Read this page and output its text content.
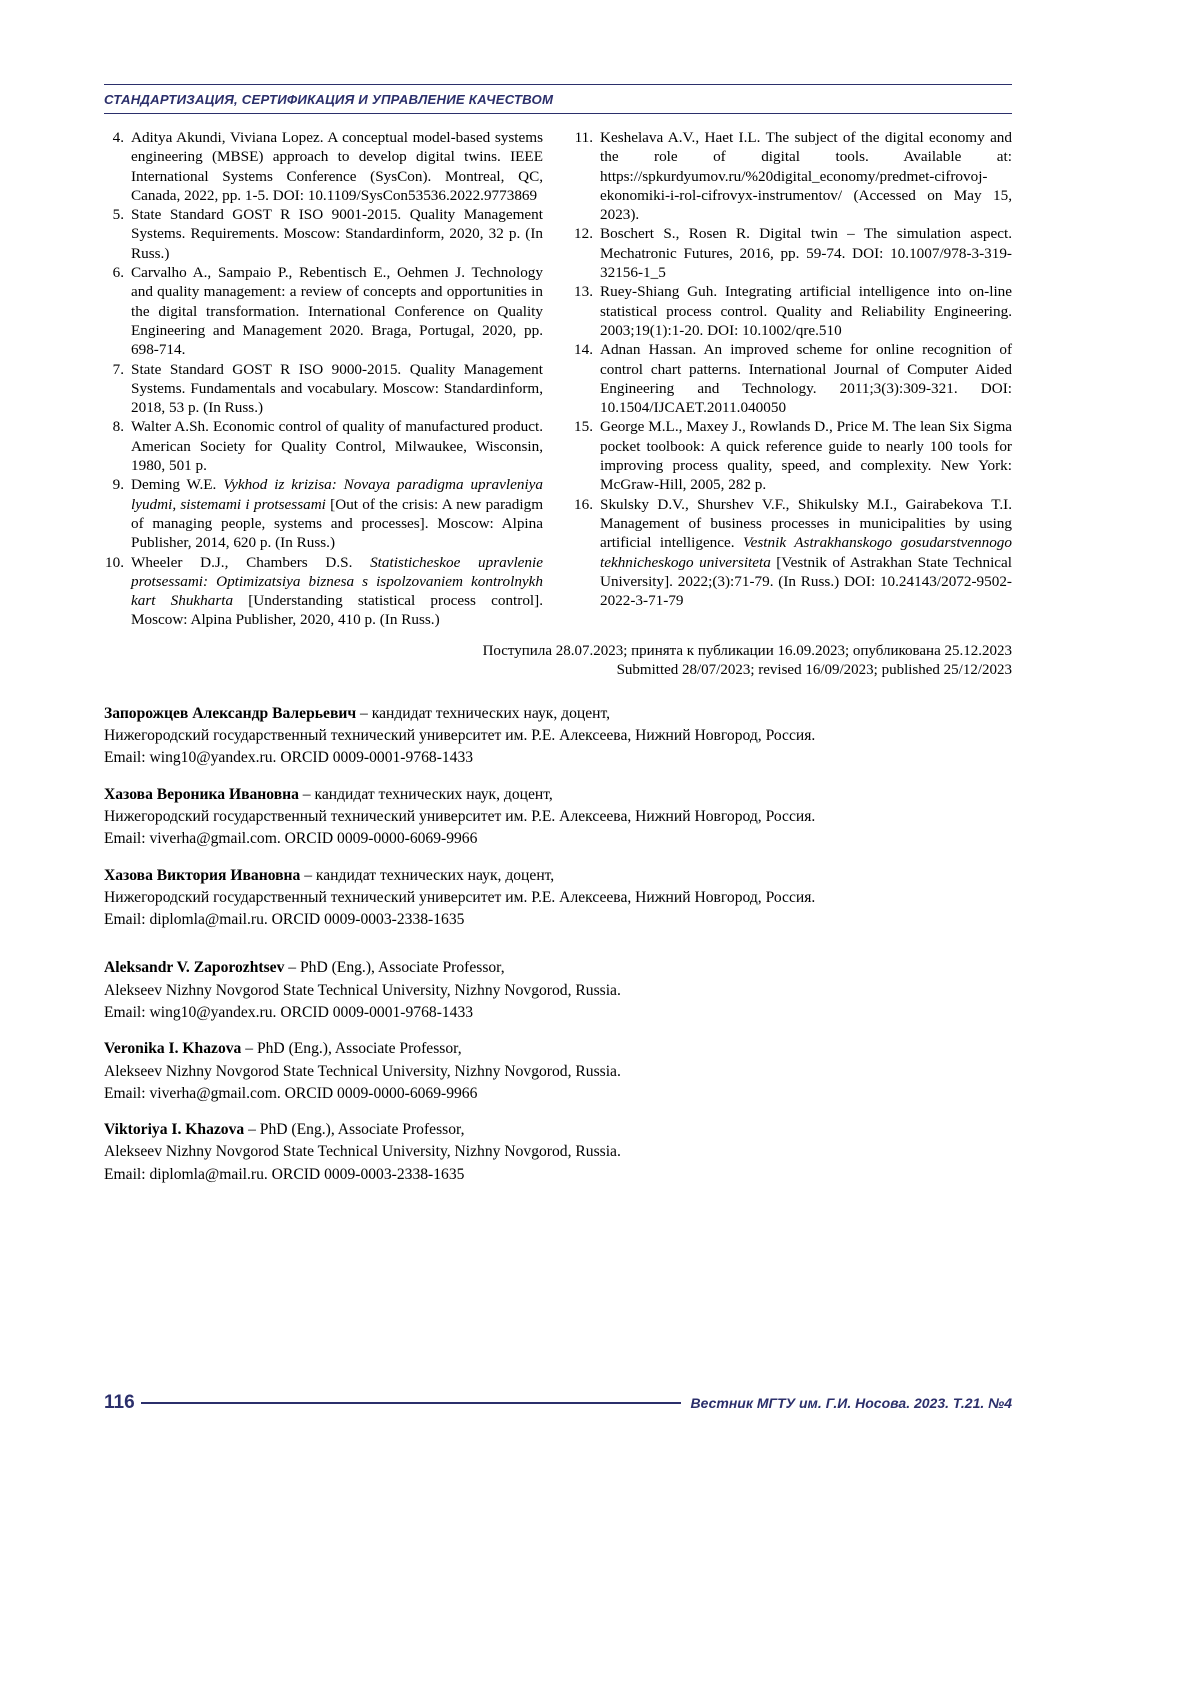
СТАНДАРТИЗАЦИЯ, СЕРТИФИКАЦИЯ И УПРАВЛЕНИЕ КАЧЕСТВОМ
4. Aditya Akundi, Viviana Lopez. A conceptual model-based systems engineering (MBSE) approach to develop digital twins. IEEE International Systems Conference (SysCon). Montreal, QC, Canada, 2022, pp. 1-5. DOI: 10.1109/SysCon53536.2022.9773869
5. State Standard GOST R ISO 9001-2015. Quality Management Systems. Requirements. Moscow: Standardinform, 2020, 32 p. (In Russ.)
6. Carvalho A., Sampaio P., Rebentisch E., Oehmen J. Technology and quality management: a review of concepts and opportunities in the digital transformation. International Conference on Quality Engineering and Management 2020. Braga, Portugal, 2020, pp. 698-714.
7. State Standard GOST R ISO 9000-2015. Quality Management Systems. Fundamentals and vocabulary. Moscow: Standardinform, 2018, 53 p. (In Russ.)
8. Walter A.Sh. Economic control of quality of manufactured product. American Society for Quality Control, Milwaukee, Wisconsin, 1980, 501 p.
9. Deming W.E. Vykhod iz krizisa: Novaya paradigma upravleniya lyudmi, sistemami i protsessami [Out of the crisis: A new paradigm of managing people, systems and processes]. Moscow: Alpina Publisher, 2014, 620 p. (In Russ.)
10. Wheeler D.J., Chambers D.S. Statisticheskoe upravlenie protsessami: Optimizatsiya biznesa s ispolzovaniem kontrolnykh kart Shukharta [Understanding statistical process control]. Moscow: Alpina Publisher, 2020, 410 p. (In Russ.)
11. Keshelava A.V., Haet I.L. The subject of the digital economy and the role of digital tools. Available at: https://spkurdyumov.ru/%20digital_economy/predmet-cifrovoj-ekonomiki-i-rol-cifrovyx-instrumentov/ (Accessed on May 15, 2023).
12. Boschert S., Rosen R. Digital twin – The simulation aspect. Mechatronic Futures, 2016, pp. 59-74. DOI: 10.1007/978-3-319-32156-1_5
13. Ruey-Shiang Guh. Integrating artificial intelligence into on-line statistical process control. Quality and Reliability Engineering. 2003;19(1):1-20. DOI: 10.1002/qre.510
14. Adnan Hassan. An improved scheme for online recognition of control chart patterns. International Journal of Computer Aided Engineering and Technology. 2011;3(3):309-321. DOI: 10.1504/IJCAET.2011.040050
15. George M.L., Maxey J., Rowlands D., Price M. The lean Six Sigma pocket toolbook: A quick reference guide to nearly 100 tools for improving process quality, speed, and complexity. New York: McGraw-Hill, 2005, 282 p.
16. Skulsky D.V., Shurshev V.F., Shikulsky M.I., Gairabekova T.I. Management of business processes in municipalities by using artificial intelligence. Vestnik Astrakhanskogo gosudarstvennogo tekhnicheskogo universiteta [Vestnik of Astrakhan State Technical University]. 2022;(3):71-79. (In Russ.) DOI: 10.24143/2072-9502-2022-3-71-79
Поступила 28.07.2023; принята к публикации 16.09.2023; опубликована 25.12.2023
Submitted 28/07/2023; revised 16/09/2023; published 25/12/2023
Запорожцев Александр Валерьевич – кандидат технических наук, доцент,
Нижегородский государственный технический университет им. Р.Е. Алексеева, Нижний Новгород, Россия.
Email: wing10@yandex.ru. ORCID 0009-0001-9768-1433
Хазова Вероника Ивановна – кандидат технических наук, доцент,
Нижегородский государственный технический университет им. Р.Е. Алексеева, Нижний Новгород, Россия.
Email: viverha@gmail.com. ORCID 0009-0000-6069-9966
Хазова Виктория Ивановна – кандидат технических наук, доцент,
Нижегородский государственный технический университет им. Р.Е. Алексеева, Нижний Новгород, Россия.
Email: diplomla@mail.ru. ORCID 0009-0003-2338-1635
Aleksandr V. Zaporozhtsev – PhD (Eng.), Associate Professor,
Alekseev Nizhny Novgorod State Technical University, Nizhny Novgorod, Russia.
Email: wing10@yandex.ru. ORCID 0009-0001-9768-1433
Veronika I. Khazova – PhD (Eng.), Associate Professor,
Alekseev Nizhny Novgorod State Technical University, Nizhny Novgorod, Russia.
Email: viverha@gmail.com. ORCID 0009-0000-6069-9966
Viktoriya I. Khazova – PhD (Eng.), Associate Professor,
Alekseev Nizhny Novgorod State Technical University, Nizhny Novgorod, Russia.
Email: diplomla@mail.ru. ORCID 0009-0003-2338-1635
116	Вестник МГТУ им. Г.И. Носова. 2023. Т.21. №4
